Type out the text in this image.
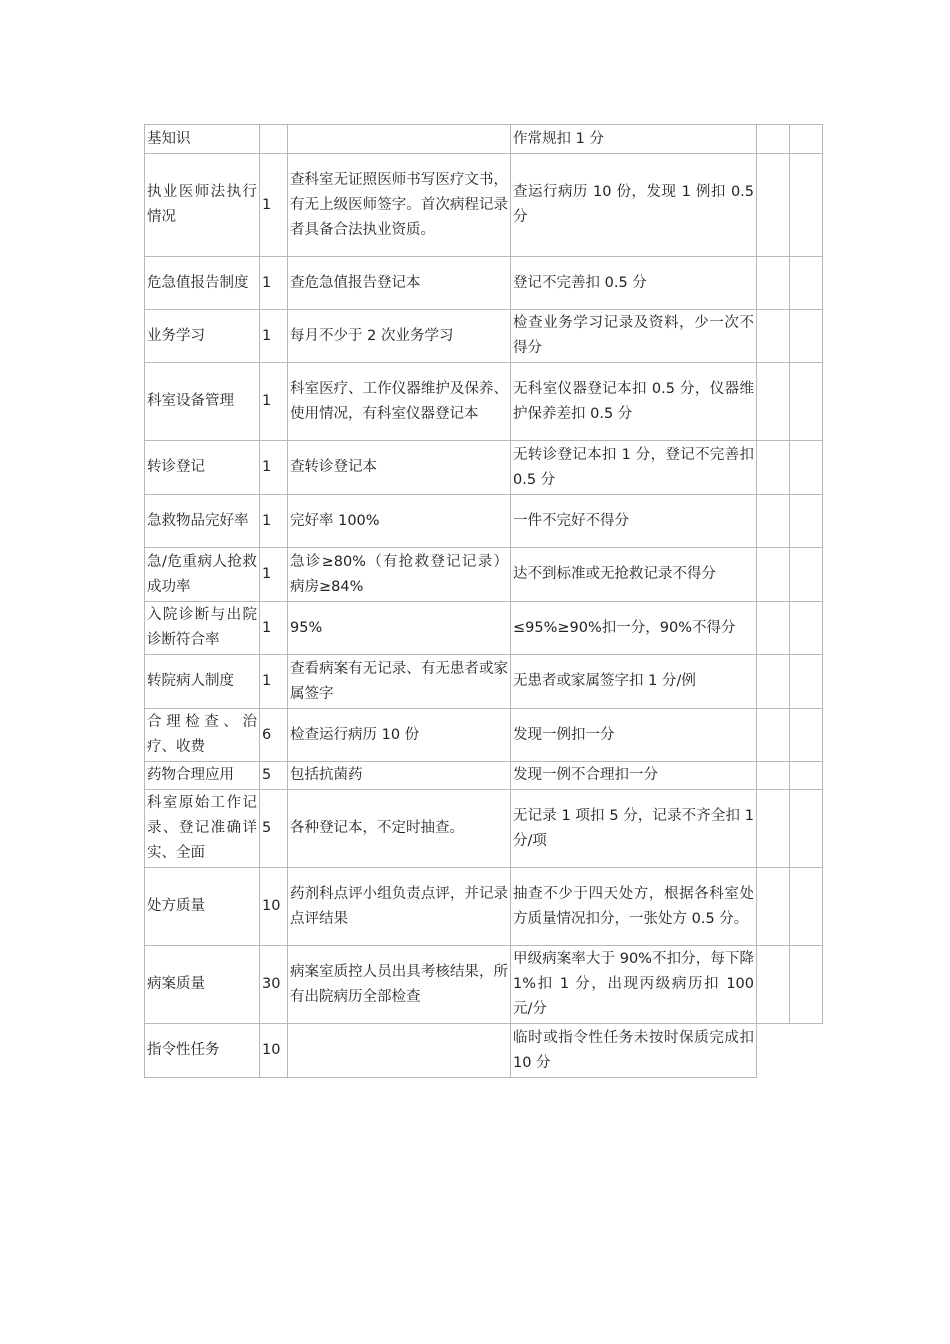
基知识			作常规扣 1 分		

执业医师法执行情况	1	查科室无证照医师书写医疗文书，有无上级医师签字。首次病程记录者具备合法执业资质。	查运行病历 10 份，发现 1 例扣 0.5 分		

危急值报告制度	1	查危急值报告登记本	登记不完善扣 0.5 分		

业务学习	1	每月不少于 2 次业务学习	检查业务学习记录及资料，少一次不得分		

科室设备管理	1	科室医疗、工作仪器维护及保养、使用情况，有科室仪器登记本	无科室仪器登记本扣 0.5 分，仪器维护保养差扣 0.5 分		

转诊登记	1	查转诊登记本	无转诊登记本扣 1 分，登记不完善扣 0.5 分		

急救物品完好率	1	完好率 100%	一件不完好不得分		

急/危重病人抢救成功率	1	急诊≥80%（有抢救登记记录）病房≥84%	达不到标准或无抢救记录不得分		

入院诊断与出院诊断符合率	1	95%	≤95%≥90%扣一分，90%不得分		

转院病人制度	1	查看病案有无记录、有无患者或家属签字	无患者或家属签字扣 1 分/例		

合理检查、治疗、收费	6	检查运行病历 10 份	发现一例扣一分		

药物合理应用	5	包括抗菌药	发现一例不合理扣一分		

科室原始工作记录、登记准确详实、全面	5	各种登记本，不定时抽查。	无记录 1 项扣 5 分，记录不齐全扣 1 分/项		

处方质量	10	药剂科点评小组负责点评，并记录点评结果	抽查不少于四天处方，根据各科室处方质量情况扣分，一张处方 0.5 分。		

病案质量	30	病案室质控人员出具考核结果，所有出院病历全部检查	甲级病案率大于 90%不扣分，每下降 1%扣 1 分，出现丙级病历扣 100 元/分		

指令性任务	10		临时或指令性任务未按时保质完成扣 10 分		
